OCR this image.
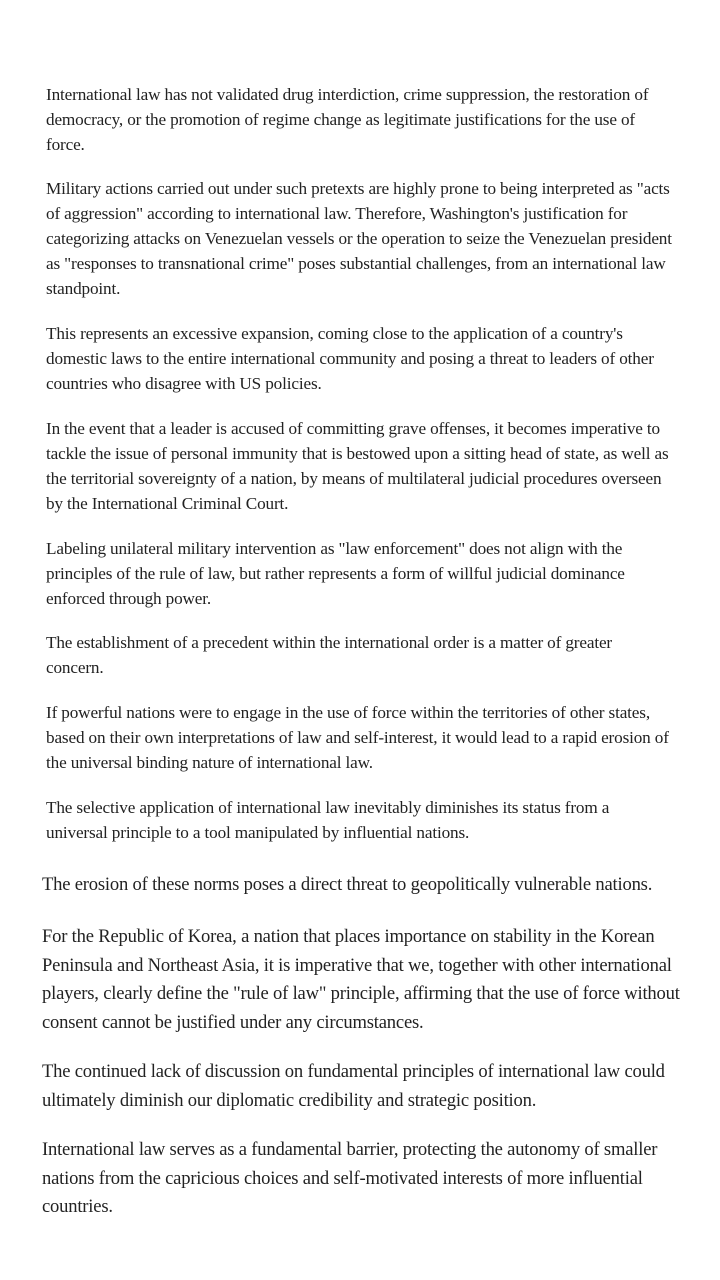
International law has not validated drug interdiction, crime suppression, the restoration of democracy, or the promotion of regime change as legitimate justifications for the use of force.

Military actions carried out under such pretexts are highly prone to being interpreted as "acts of aggression" according to international law. Therefore, Washington's justification for categorizing attacks on Venezuelan vessels or the operation to seize the Venezuelan president as "responses to transnational crime" poses substantial challenges, from an international law standpoint.

This represents an excessive expansion, coming close to the application of a country's domestic laws to the entire international community and posing a threat to leaders of other countries who disagree with US policies.

In the event that a leader is accused of committing grave offenses, it becomes imperative to tackle the issue of personal immunity that is bestowed upon a sitting head of state, as well as the territorial sovereignty of a nation, by means of multilateral judicial procedures overseen by the International Criminal Court.

Labeling unilateral military intervention as "law enforcement" does not align with the principles of the rule of law, but rather represents a form of willful judicial dominance enforced through power.

The establishment of a precedent within the international order is a matter of greater concern.

If powerful nations were to engage in the use of force within the territories of other states, based on their own interpretations of law and self-interest, it would lead to a rapid erosion of the universal binding nature of international law.

The selective application of international law inevitably diminishes its status from a universal principle to a tool manipulated by influential nations.

The erosion of these norms poses a direct threat to geopolitically vulnerable nations.

For the Republic of Korea, a nation that places importance on stability in the Korean Peninsula and Northeast Asia, it is imperative that we, together with other international players, clearly define the "rule of law" principle, affirming that the use of force without consent cannot be justified under any circumstances.

The continued lack of discussion on fundamental principles of international law could ultimately diminish our diplomatic credibility and strategic position.

International law serves as a fundamental barrier, protecting the autonomy of smaller nations from the capricious choices and self-motivated interests of more influential countries.
